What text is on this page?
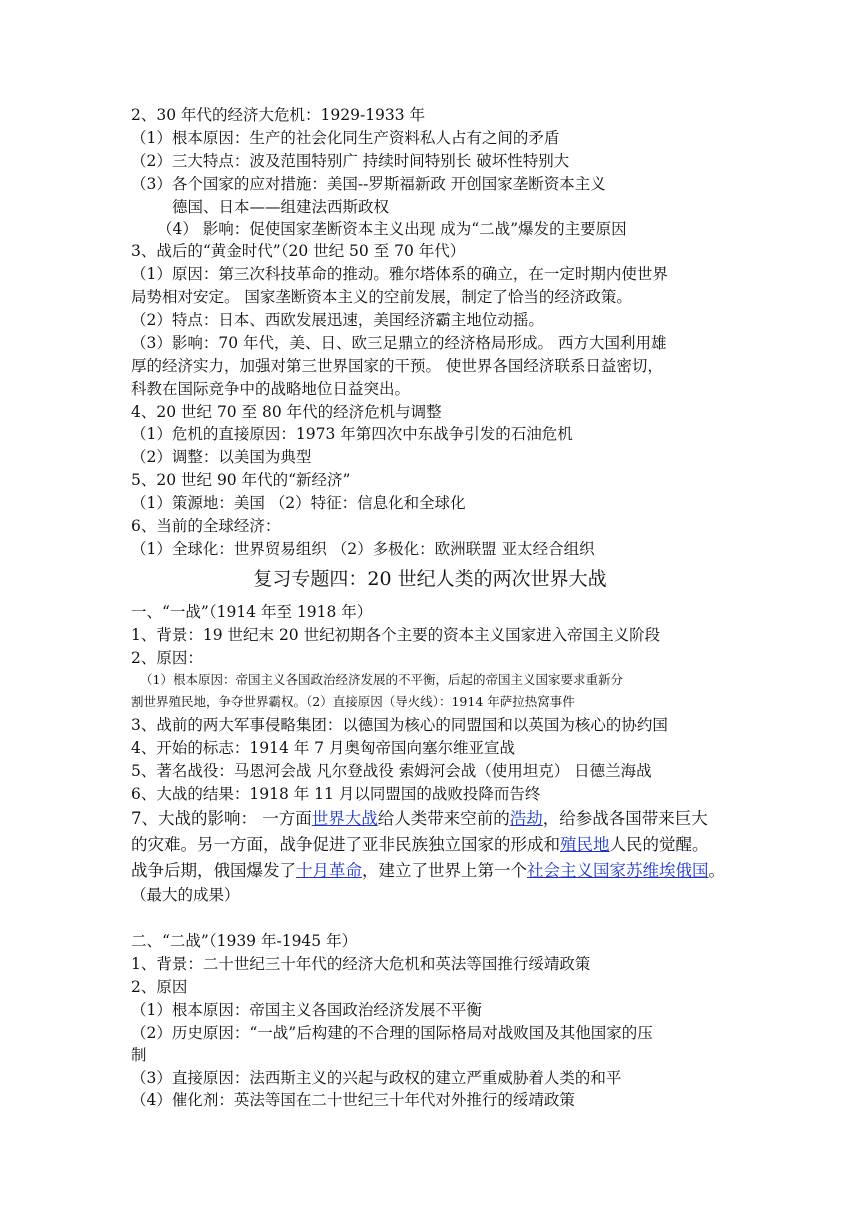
2、30 年代的经济大危机：1929-1933 年
（1）根本原因：生产的社会化同生产资料私人占有之间的矛盾
（2）三大特点：波及范围特别广 持续时间特别长 破坏性特别大
（3）各个国家的应对措施：美国--罗斯福新政 开创国家垄断资本主义
德国、日本——组建法西斯政权
（4） 影响：促使国家垄断资本主义出现 成为“二战”爆发的主要原因
3、战后的“黄金时代”（20 世纪 50 至 70 年代）
（1）原因：第三次科技革命的推动。雅尔塔体系的确立，在一定时期内使世界
局势相对安定。 国家垄断资本主义的空前发展，制定了恰当的经济政策。
（2）特点：日本、西欧发展迅速，美国经济霸主地位动摇。
（3）影响：70 年代，美、日、欧三足鼎立的经济格局形成。 西方大国利用雄
厚的经济实力，加强对第三世界国家的干预。 使世界各国经济联系日益密切，
科教在国际竞争中的战略地位日益突出。
4、20 世纪 70 至 80 年代的经济危机与调整
（1）危机的直接原因：1973 年第四次中东战争引发的石油危机
（2）调整：以美国为典型
5、20 世纪 90 年代的“新经济”
（1）策源地：美国 （2）特征：信息化和全球化
6、当前的全球经济：
（1）全球化：世界贸易组织 （2）多极化：欧洲联盟 亚太经合组织
复习专题四：20 世纪人类的两次世界大战
一、“一战”（1914 年至 1918 年）
1、背景：19 世纪末 20 世纪初期各个主要的资本主义国家进入帝国主义阶段
2、原因：
（1）根本原因：帝国主义各国政治经济发展的不平衡，后起的帝国主义国家要求重新分
割世界殖民地，争夺世界霸权。（2）直接原因（导火线）：1914 年萨拉热窝事件
3、战前的两大军事侵略集团：以德国为核心的同盟国和以英国为核心的协约国
4、开始的标志：1914 年 7 月奥匈帝国向塞尔维亚宣战
5、著名战役：马恩河会战 凡尔登战役 索姆河会战（使用坦克） 日德兰海战
6、大战的结果：1918 年 11 月以同盟国的战败投降而告终
7、大战的影响： 一方面世界大战给人类带来空前的浩劫，给参战各国带来巨大
的灾难。另一方面，战争促进了亚非民族独立国家的形成和殖民地人民的觉醒。
战争后期，俄国爆发了十月革命，建立了世界上第一个社会主义国家苏维埃俄国。
（最大的成果）
二、“二战”（1939 年-1945 年）
1、背景：二十世纪三十年代的经济大危机和英法等国推行绥靖政策
2、原因
（1）根本原因：帝国主义各国政治经济发展不平衡
（2）历史原因：“一战”后构建的不合理的国际格局对战败国及其他国家的压
制
（3）直接原因：法西斯主义的兴起与政权的建立严重威胁着人类的和平
（4）催化剂：英法等国在二十世纪三十年代对外推行的绥靖政策
